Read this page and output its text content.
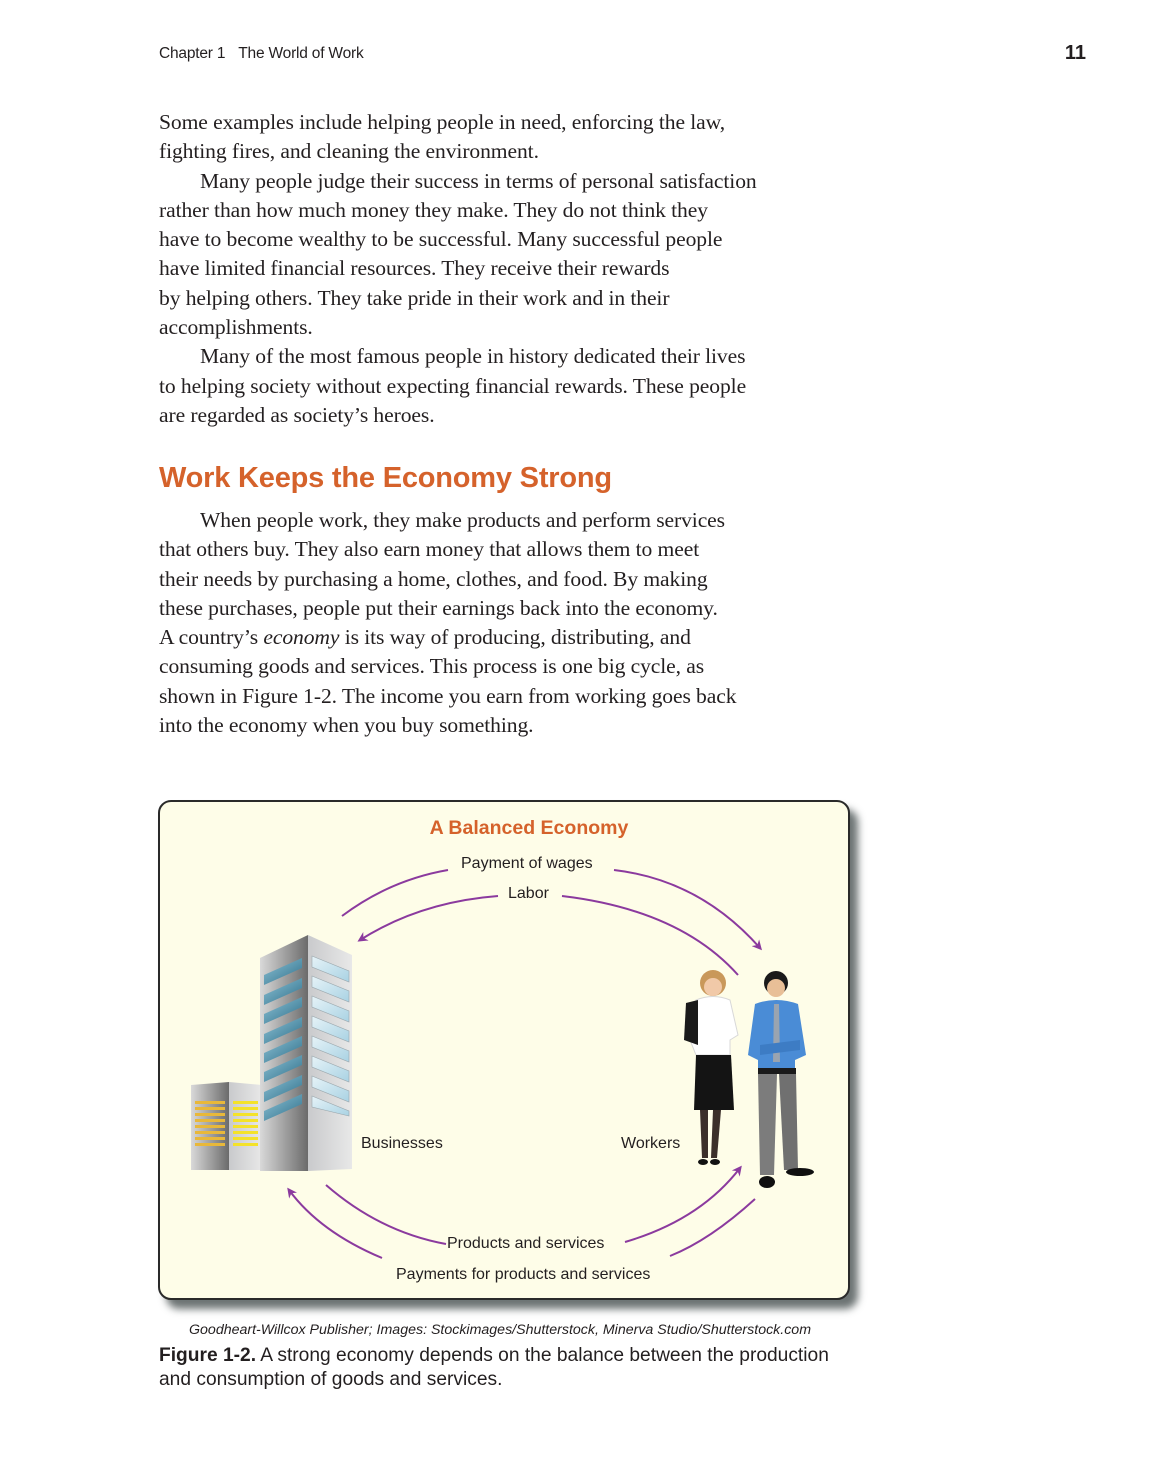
Chapter 1 The World of Work	11

Some examples include helping people in need, enforcing the law,
fighting fires, and cleaning the environment.

Many people judge their success in terms of personal satisfaction
rather than how much money they make. They do not think they
have to become wealthy to be successful. Many successful people
have limited financial resources. They receive their rewards
by helping others. They take pride in their work and in their
accomplishments.

Many of the most famous people in history dedicated their lives
to helping society without expecting financial rewards. These people
are regarded as society’s heroes.

Work Keeps the Economy Strong

When people work, they make products and perform services
that others buy. They also earn money that allows them to meet
their needs by purchasing a home, clothes, and food. By making
these purchases, people put their earnings back into the economy.
A country’s economy is its way of producing, distributing, and
consuming goods and services. This process is one big cycle, as
shown in Figure 1-2. The income you earn from working goes back
into the economy when you buy something.

A Balanced Economy
Payment of wages
Labor
Businesses	Workers
Products and services
Payments for products and services
Goodheart-Willcox Publisher; Images: Stockimages/Shutterstock, Minerva Studio/Shutterstock.com
Figure 1-2. A strong economy depends on the balance between the production and consumption of goods and services.
